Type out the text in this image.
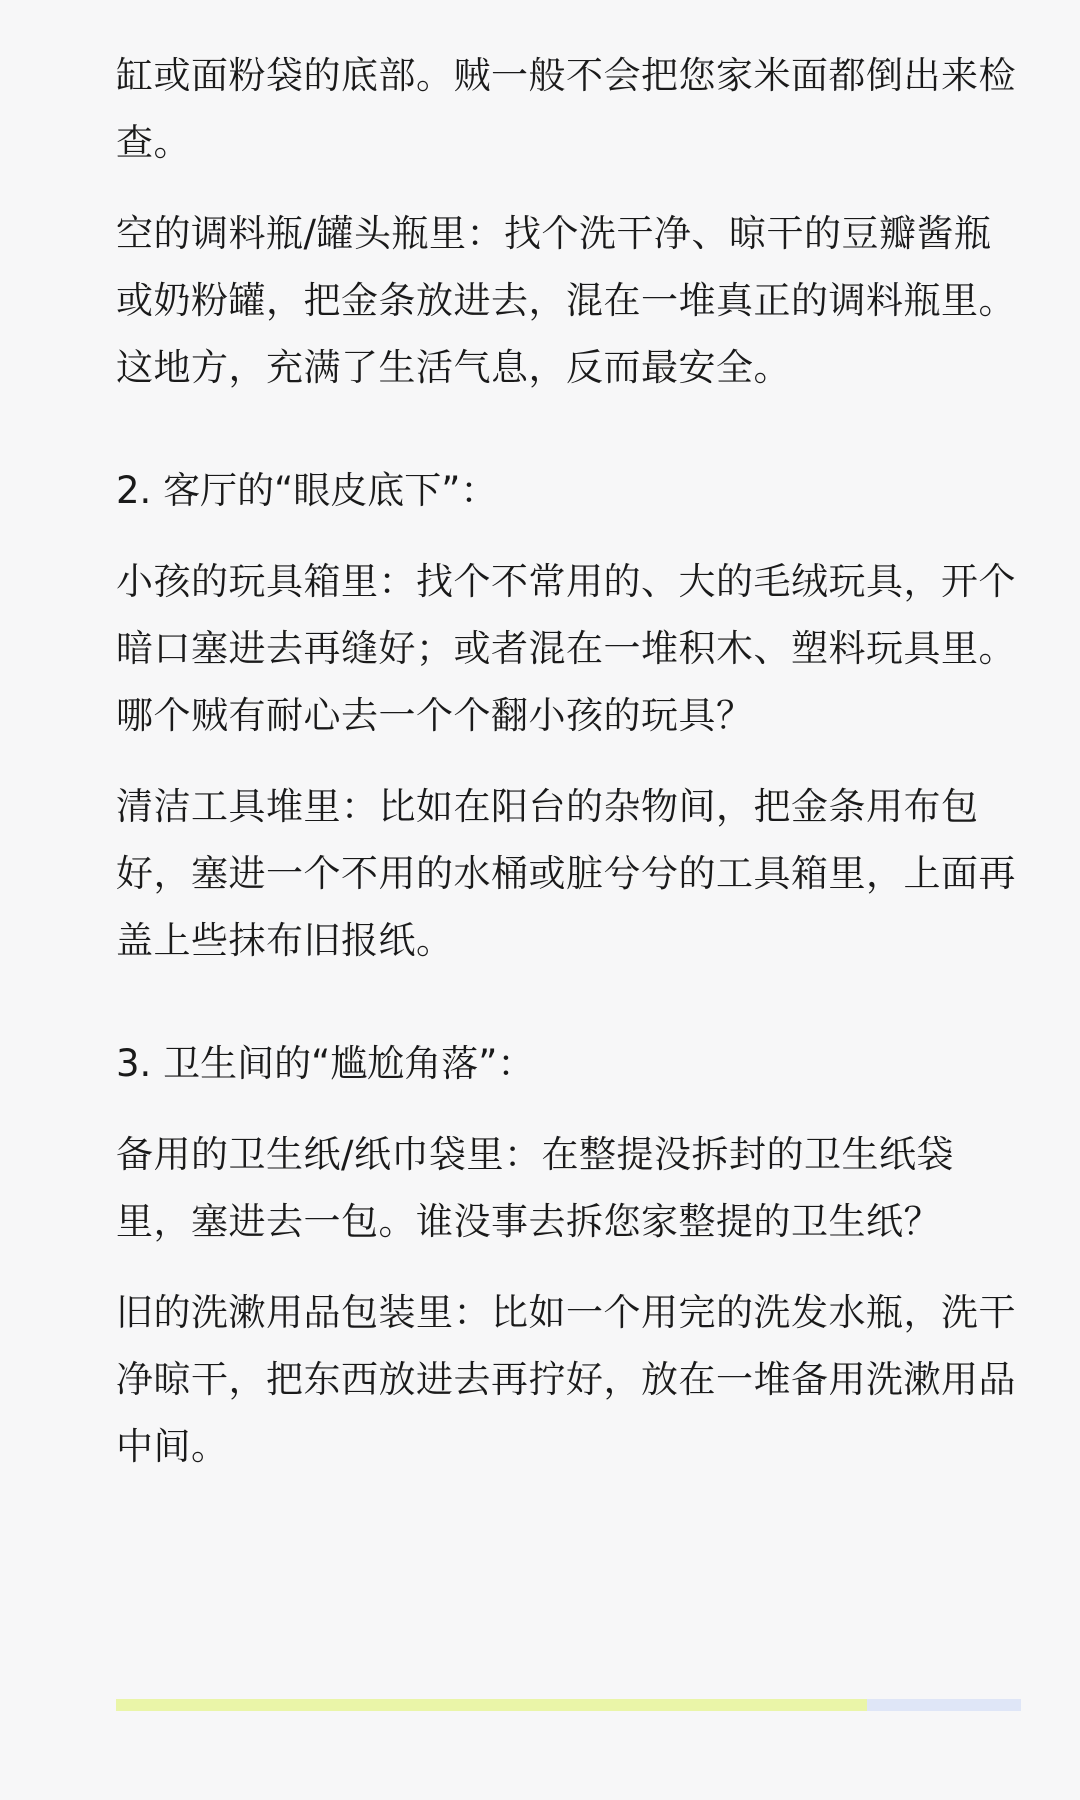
缸或面粉袋的底部。贼一般不会把您家米面都倒出来检查。

空的调料瓶/罐头瓶里：找个洗干净、晾干的豆瓣酱瓶或奶粉罐，把金条放进去，混在一堆真正的调料瓶里。这地方，充满了生活气息，反而最安全。

2. 客厅的“眼皮底下”：

小孩的玩具箱里：找个不常用的、大的毛绒玩具，开个暗口塞进去再缝好；或者混在一堆积木、塑料玩具里。哪个贼有耐心去一个个翻小孩的玩具？

清洁工具堆里：比如在阳台的杂物间，把金条用布包好，塞进一个不用的水桶或脏兮兮的工具箱里，上面再盖上些抹布旧报纸。

3. 卫生间的“尴尬角落”：

备用的卫生纸/纸巾袋里：在整提没拆封的卫生纸袋里，塞进去一包。谁没事去拆您家整提的卫生纸？

旧的洗漱用品包装里：比如一个用完的洗发水瓶，洗干净晾干，把东西放进去再拧好，放在一堆备用洗漱用品中间。
